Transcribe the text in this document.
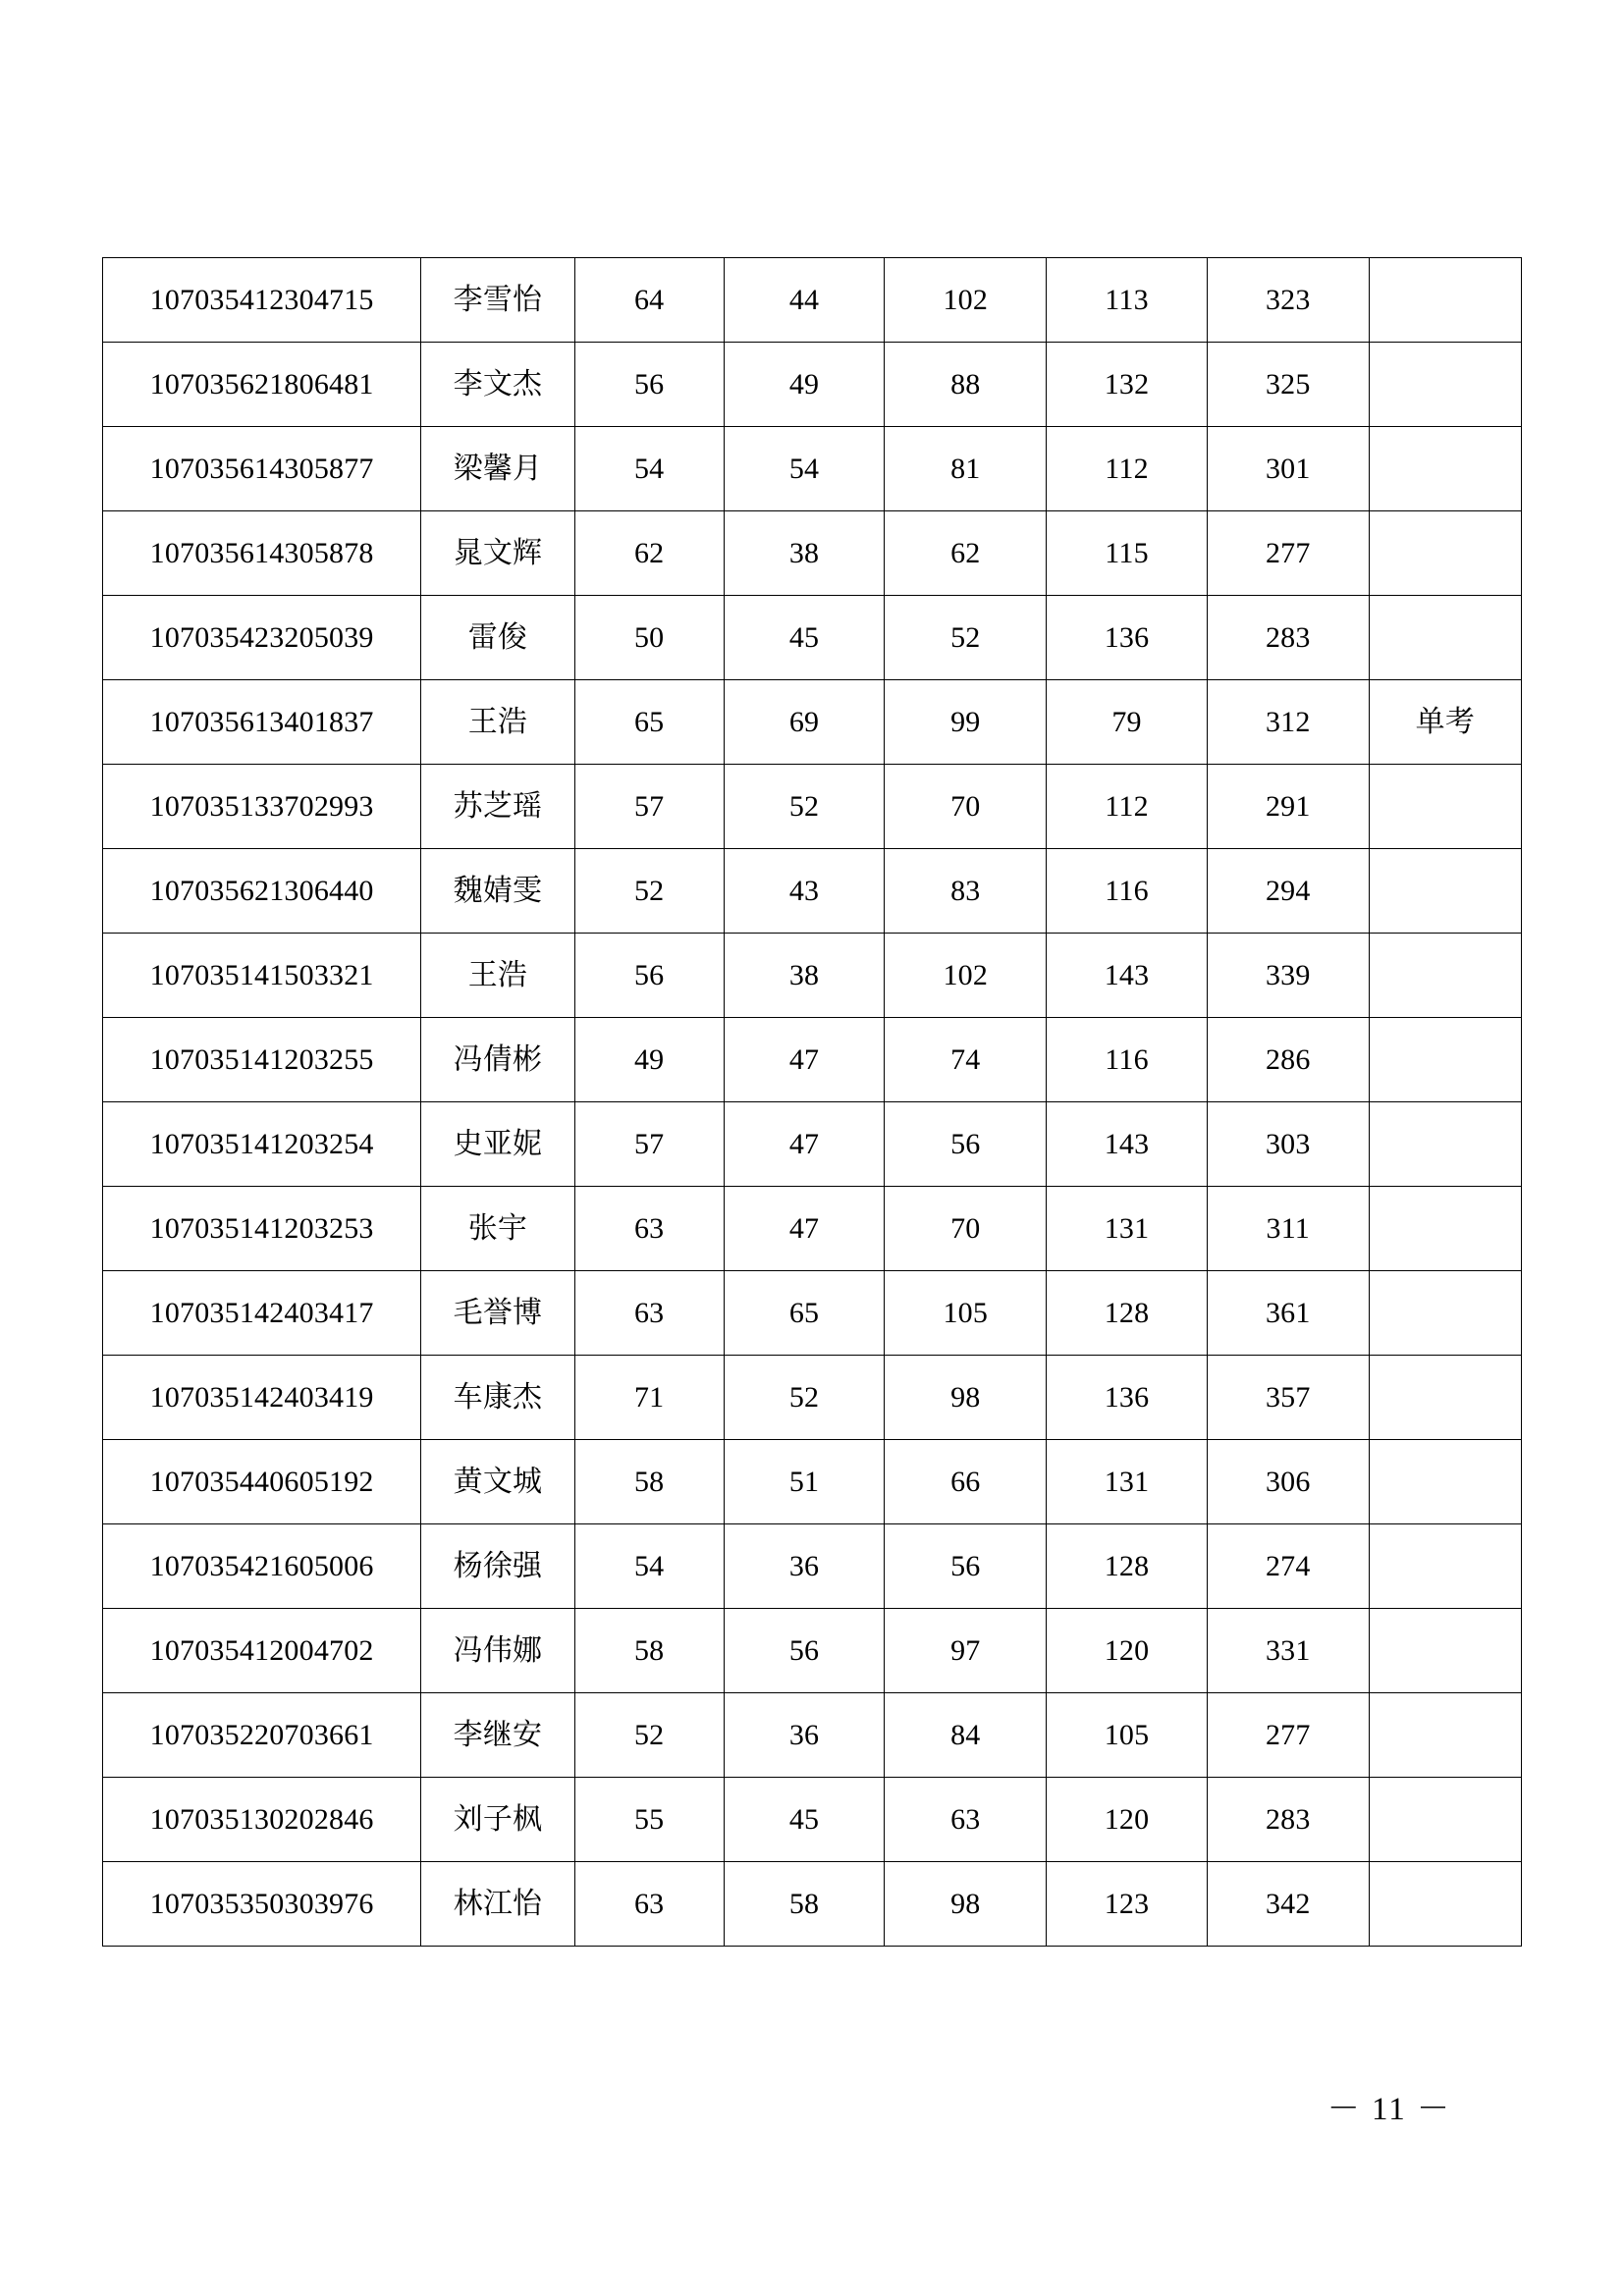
107035412304715	李雪怡	64	44	102	113	323	
107035621806481	李文杰	56	49	88	132	325	
107035614305877	梁馨月	54	54	81	112	301	
107035614305878	晁文辉	62	38	62	115	277	
107035423205039	雷俊	50	45	52	136	283	
107035613401837	王浩	65	69	99	79	312	单考
107035133702993	苏芝瑶	57	52	70	112	291	
107035621306440	魏婧雯	52	43	83	116	294	
107035141503321	王浩	56	38	102	143	339	
107035141203255	冯倩彬	49	47	74	116	286	
107035141203254	史亚妮	57	47	56	143	303	
107035141203253	张宇	63	47	70	131	311	
107035142403417	毛誉博	63	65	105	128	361	
107035142403419	车康杰	71	52	98	136	357	
107035440605192	黄文城	58	51	66	131	306	
107035421605006	杨徐强	54	36	56	128	274	
107035412004702	冯伟娜	58	56	97	120	331	
107035220703661	李继安	52	36	84	105	277	
107035130202846	刘子枫	55	45	63	120	283	
107035350303976	林江怡	63	58	98	123	342	
－ 11 －
